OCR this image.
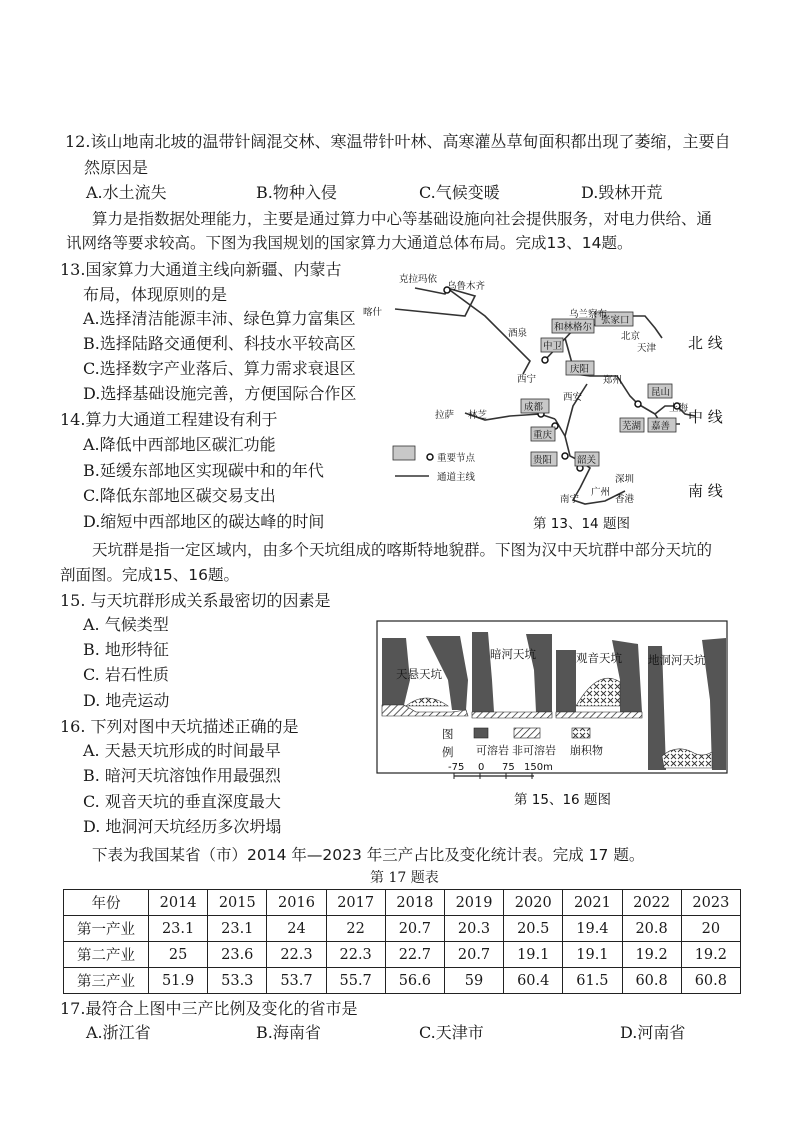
12.该山地南北坡的温带针阔混交林、寒温带针叶林、高寒灌丛草甸面积都出现了萎缩，主要自
然原因是
A.水土流失	B.物种入侵	C.气候变暖	D.毁林开荒
算力是指数据处理能力，主要是通过算力中心等基础设施向社会提供服务，对电力供给、通
讯网络等要求较高。下图为我国规划的国家算力大通道总体布局。完成13、14题。
13.国家算力大通道主线向新疆、内蒙古
布局，体现原则的是
A.选择清洁能源丰沛、绿色算力富集区
B.选择陆路交通便利、科技水平较高区
C.选择数字产业落后、算力需求衰退区
D.选择基础设施完善，方便国际合作区
14.算力大通道工程建设有利于
A.降低中西部地区碳汇功能
B.延缓东部地区实现碳中和的年代
C.降低东部地区碳交易支出
D.缩短中西部地区的碳达峰的时间
克拉玛依
乌鲁木齐
喀什
酒泉
乌兰察布
和林格尔
张家口
北京
天津
中卫
庆阳
西宁
西安
郑州
昆山
上海
芜湖 嘉善
拉萨 林芝
成都
重庆
贵阳	韶关
南宁
广州
深圳
香港
重要节点
通道主线
北 线
中 线
南 线
第 13、14 题图
天坑群是指一定区域内，由多个天坑组成的喀斯特地貌群。下图为汉中天坑群中部分天坑的
剖面图。完成15、16题。
15. 与天坑群形成关系最密切的因素是
A. 气候类型
B. 地形特征
C. 岩石性质
D. 地壳运动
16. 下列对图中天坑描述正确的是
A. 天悬天坑形成的时间最早
B. 暗河天坑溶蚀作用最强烈
C. 观音天坑的垂直深度最大
D. 地洞河天坑经历多次坍塌
天悬天坑
暗河天坑	观音天坑 地洞河天坑
图
例 可溶岩 非可溶岩 崩积物
-75 0 75 150m
第 15、16 题图
下表为我国某省（市）2014 年—2023 年三产占比及变化统计表。完成 17 题。
第 17 题表
年份	2014	2015	2016	2017	2018	2019	2020	2021	2022	2023
第一产业	23.1	23.1	24	22	20.7	20.3	20.5	19.4	20.8	20
第二产业	25	23.6	22.3	22.3	22.7	20.7	19.1	19.1	19.2	19.2
第三产业	51.9	53.3	53.7	55.7	56.6	59	60.4	61.5	60.8	60.8
17.最符合上图中三产比例及变化的省市是
A.浙江省	B.海南省	C.天津市	D.河南省
